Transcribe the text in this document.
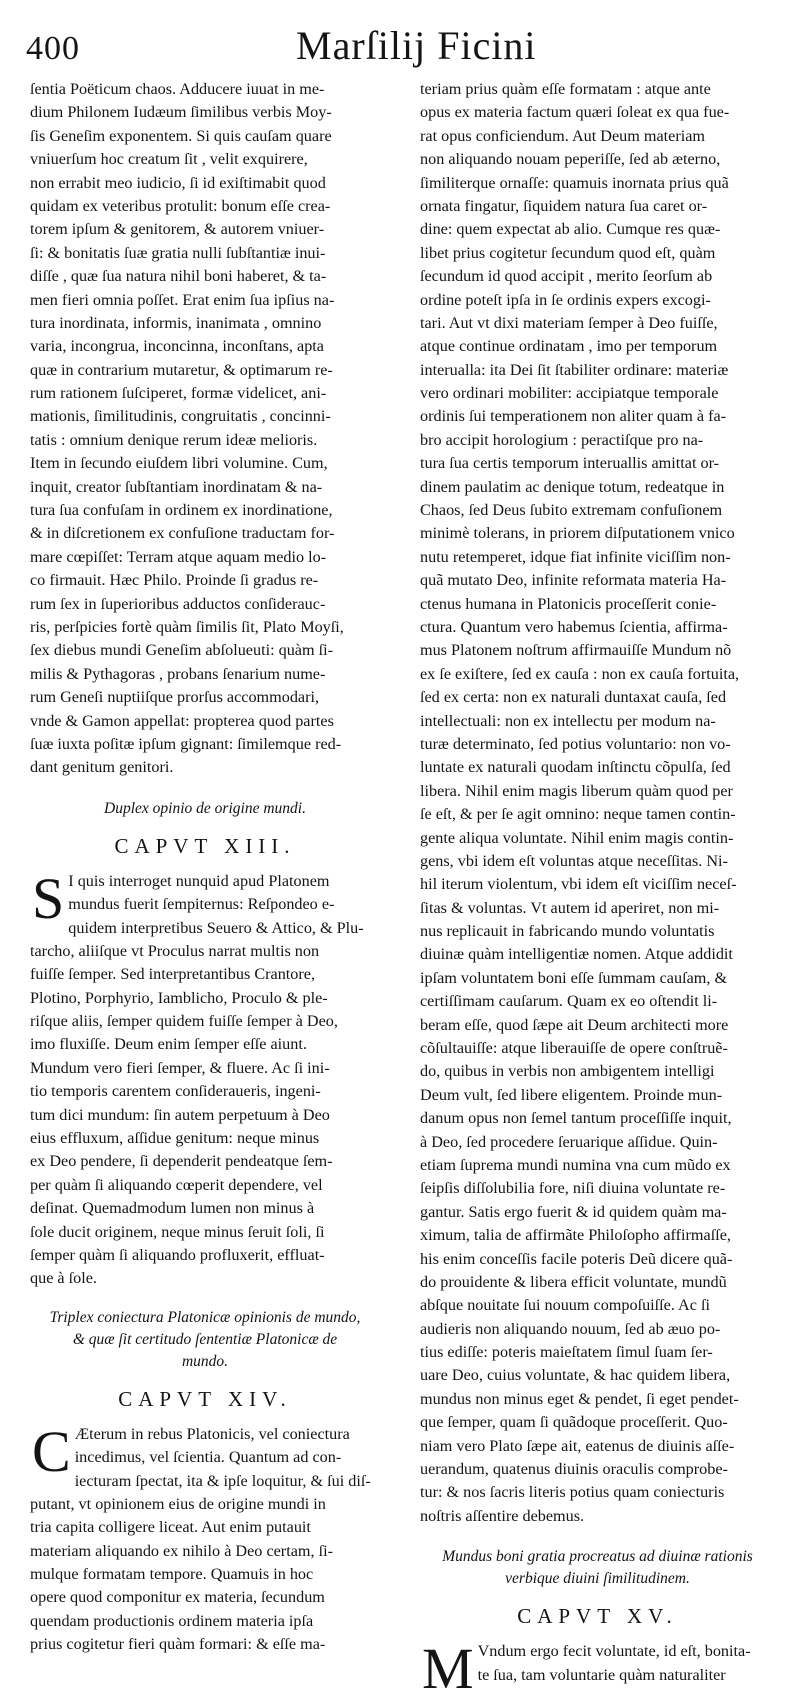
400	Marſilij Ficini
ſentia Poëticum chaos. Adducere iuuat in me-
dium Philonem Iudæum ſimilibus verbis Moy-
ſis Geneſim exponentem. Si quis cauſam quare
vniuerſum hoc creatum ſit , velit exquirere,
non errabit meo iudicio, ſi id exiſtimabit quod
quidam ex veteribus protulit: bonum eſſe crea-
torem ipſum & genitorem, & autorem vniuer-
ſi: & bonitatis ſuæ gratia nulli ſubſtantiæ inui-
diſſe , quæ ſua natura nihil boni haberet, & ta-
men fieri omnia poſſet. Erat enim ſua ipſius na-
tura inordinata, informis, inanimata , omnino
varia, incongrua, inconcinna, inconſtans, apta
quæ in contrarium mutaretur, & optimarum re-
rum rationem ſuſciperet, formæ videlicet, ani-
mationis, ſimilitudinis, congruitatis , concinni-
tatis : omnium denique rerum ideæ melioris.
Item in ſecundo eiuſdem libri volumine. Cum,
inquit, creator ſubſtantiam inordinatam & na-
tura ſua confuſam in ordinem ex inordinatione,
& in diſcretionem ex confuſione traductam for-
mare cœpiſſet: Terram atque aquam medio lo-
co firmauit. Hæc Philo. Proinde ſi gradus re-
rum ſex in ſuperioribus adductos conſiderauc-
ris, perſpicies fortè quàm ſimilis ſit, Plato Moyſi,
ſex diebus mundi Geneſim abſolueuti: quàm ſi-
milis & Pythagoras , probans ſenarium nume-
rum Geneſi nuptiiſque prorſus accommodari,
vnde & Gamon appellat: propterea quod partes
ſuæ iuxta poſitæ ipſum gignant: ſimilemque red-
dant genitum genitori.
Duplex opinio de origine mundi.
CAPVT XIII.
S I quis interroget nunquid apud Platonem
mundus fuerit ſempiternus: Reſpondeo e-
quidem interpretibus Seuero & Attico, & Plu-
tarcho, aliiſque vt Proculus narrat multis non
fuiſſe ſemper. Sed interpretantibus Crantore,
Plotino, Porphyrio, Iamblicho, Proculo & ple-
riſque aliis, ſemper quidem fuiſſe ſemper à Deo,
imo fluxiſſe. Deum enim ſemper eſſe aiunt.
Mundum vero fieri ſemper, & fluere. Ac ſi ini-
tio temporis carentem conſideraueris, ingeni-
tum dici mundum: ſin autem perpetuum à Deo
eius effluxum, aſſidue genitum: neque minus
ex Deo pendere, ſi dependerit pendeatque ſem-
per quàm ſi aliquando cœperit dependere, vel
deſinat. Quemadmodum lumen non minus à
ſole ducit originem, neque minus ſeruit ſoli, ſi
ſemper quàm ſi aliquando profluxerit, effluat-
que à ſole.
Triplex coniectura Platonicæ opinionis de mundo,
& quæ ſit certitudo ſententiæ Platonicæ de
mundo.
CAPVT XIV.
C Æterum in rebus Platonicis, vel coniectura
incedimus, vel ſcientia. Quantum ad con-
iecturam ſpectat, ita & ipſe loquitur, & ſui diſ-
putant, vt opinionem eius de origine mundi in
tria capita colligere liceat. Aut enim putauit
materiam aliquando ex nihilo à Deo certam, ſi-
mulque formatam tempore. Quamuis in hoc
opere quod componitur ex materia, ſecundum
quendam productionis ordinem materia ipſa
prius cogitetur fieri quàm formari: & eſſe ma-
teriam prius quàm eſſe formatam : atque ante
opus ex materia factum quæri ſoleat ex qua fue-
rat opus conficiendum. Aut Deum materiam
non aliquando nouam peperiſſe, ſed ab æterno,
ſimiliterque ornaſſe: quamuis inornata prius quã
ornata fingatur, ſiquidem natura ſua caret or-
dine: quem expectat ab alio. Cumque res quæ-
libet prius cogitetur ſecundum quod eſt, quàm
ſecundum id quod accipit , merito ſeorſum ab
ordine poteſt ipſa in ſe ordinis expers excogi-
tari. Aut vt dixi materiam ſemper à Deo fuiſſe,
atque continue ordinatam , imo per temporum
interualla: ita Dei ſit ſtabiliter ordinare: materiæ
vero ordinari mobiliter: accipiatque temporale
ordinis ſui temperationem non aliter quam à fa-
bro accipit horologium : peractiſque pro na-
tura ſua certis temporum interuallis amittat or-
dinem paulatim ac denique totum, redeatque in
Chaos, ſed Deus ſubito extremam confuſionem
minimè tolerans, in priorem diſputationem vnico
nutu retemperet, idque fiat infinite viciſſim non-
quã mutato Deo, infinite reformata materia Ha-
ctenus humana in Platonicis proceſſerit conie-
ctura. Quantum vero habemus ſcientia, affirma-
mus Platonem noſtrum affirmauiſſe Mundum nõ
ex ſe exiſtere, ſed ex cauſa : non ex cauſa fortuita,
ſed ex certa: non ex naturali duntaxat cauſa, ſed
intellectuali: non ex intellectu per modum na-
turæ determinato, ſed potius voluntario: non vo-
luntate ex naturali quodam inſtinctu cõpulſa, ſed
libera. Nihil enim magis liberum quàm quod per
ſe eſt, & per ſe agit omnino: neque tamen contin-
gente aliqua voluntate. Nihil enim magis contin-
gens, vbi idem eſt voluntas atque neceſſitas. Ni-
hil iterum violentum, vbi idem eſt viciſſim neceſ-
ſitas & voluntas. Vt autem id aperiret, non mi-
nus replicauit in fabricando mundo voluntatis
diuinæ quàm intelligentiæ nomen. Atque addidit
ipſam voluntatem boni eſſe ſummam cauſam, &
certiſſimam cauſarum. Quam ex eo oſtendit li-
beram eſſe, quod ſæpe ait Deum architecti more
cõſultauiſſe: atque liberauiſſe de opere conſtruẽ-
do, quibus in verbis non ambigentem intelligi
Deum vult, ſed libere eligentem. Proinde mun-
danum opus non ſemel tantum proceſſiſſe inquit,
à Deo, ſed procedere ſeruarique aſſidue. Quin-
etiam ſuprema mundi numina vna cum mũdo ex
ſeipſis diſſolubilia fore, niſi diuina voluntate re-
gantur. Satis ergo fuerit & id quidem quàm ma-
ximum, talia de affirmãte Philoſopho affirmaſſe,
his enim conceſſis facile poteris Deũ dicere quã-
do prouidente & libera efficit voluntate, mundũ
abſque nouitate ſui nouum compoſuiſſe. Ac ſi
audieris non aliquando nouum, ſed ab æuo po-
tius ediſſe: poteris maieſtatem ſimul ſuam ſer-
uare Deo, cuius voluntate, & hac quidem libera,
mundus non minus eget & pendet, ſi eget pendet-
que ſemper, quam ſi quãdoque proceſſerit. Quo-
niam vero Plato ſæpe ait, eatenus de diuinis aſſe-
uerandum, quatenus diuinis oraculis comprobe-
tur: & nos ſacris literis potius quam coniecturis
noſtris aſſentire debemus.
Mundus boni gratia procreatus ad diuinæ rationis
verbique diuini ſimilitudinem.
CAPVT XV.
M Vndum ergo fecit voluntate, id eſt, bonita-
te ſua, tam voluntarie quàm naturaliter
